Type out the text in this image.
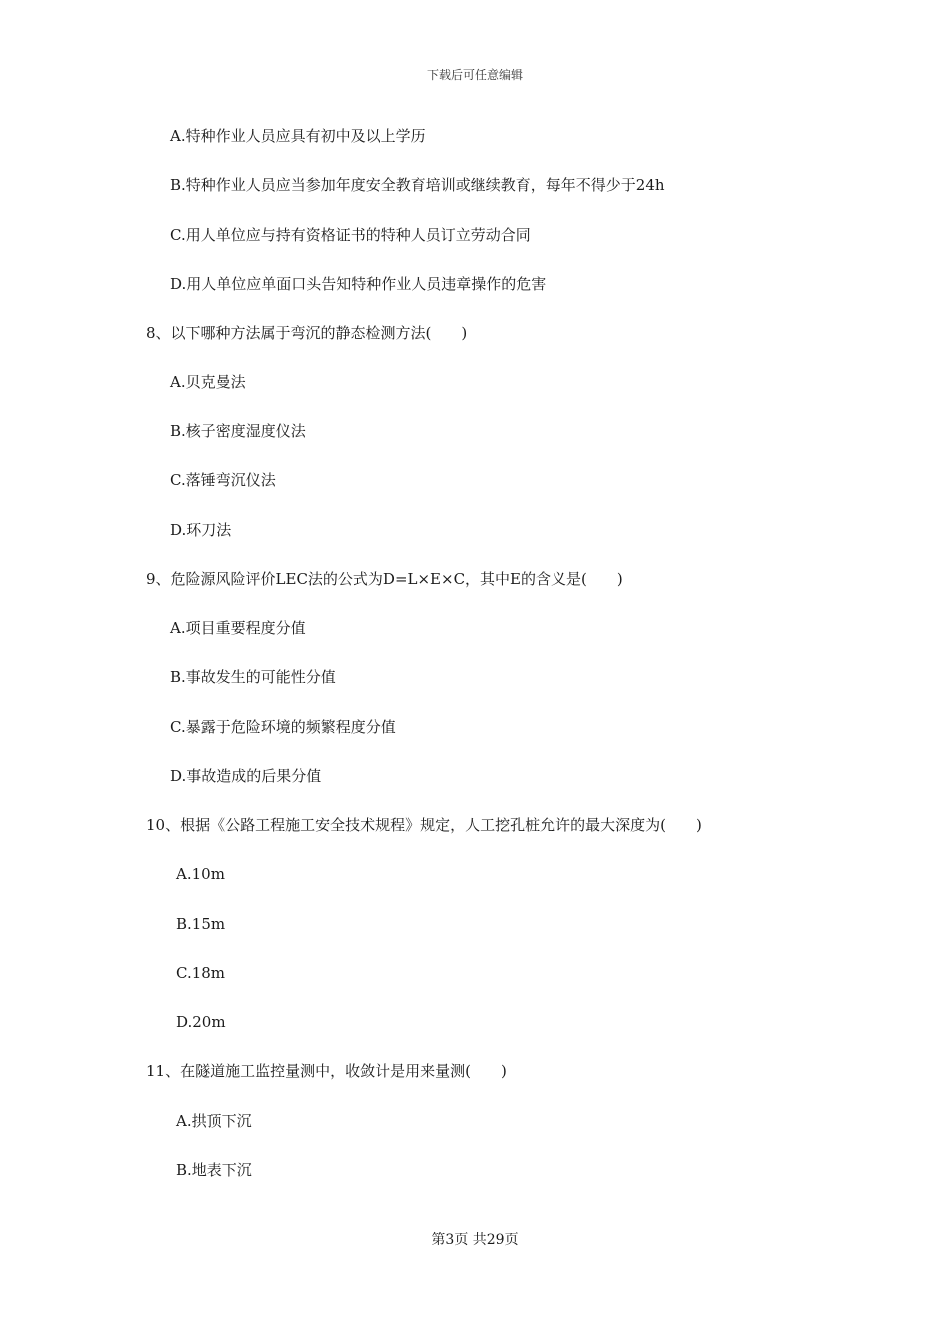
下载后可任意编辑
A.特种作业人员应具有初中及以上学历
B.特种作业人员应当参加年度安全教育培训或继续教育，每年不得少于24h
C.用人单位应与持有资格证书的特种人员订立劳动合同
D.用人单位应单面口头告知特种作业人员违章操作的危害
8、以下哪种方法属于弯沉的静态检测方法(　　)
A.贝克曼法
B.核子密度湿度仪法
C.落锤弯沉仪法
D.环刀法
9、危险源风险评价LEC法的公式为D=L×E×C，其中E的含义是(　　)
A.项目重要程度分值
B.事故发生的可能性分值
C.暴露于危险环境的频繁程度分值
D.事故造成的后果分值
10、根据《公路工程施工安全技术规程》规定，人工挖孔桩允许的最大深度为(　　)
A.10m
B.15m
C.18m
D.20m
11、在隧道施工监控量测中，收敛计是用来量测(　　)
A.拱顶下沉
B.地表下沉
第3页 共29页
